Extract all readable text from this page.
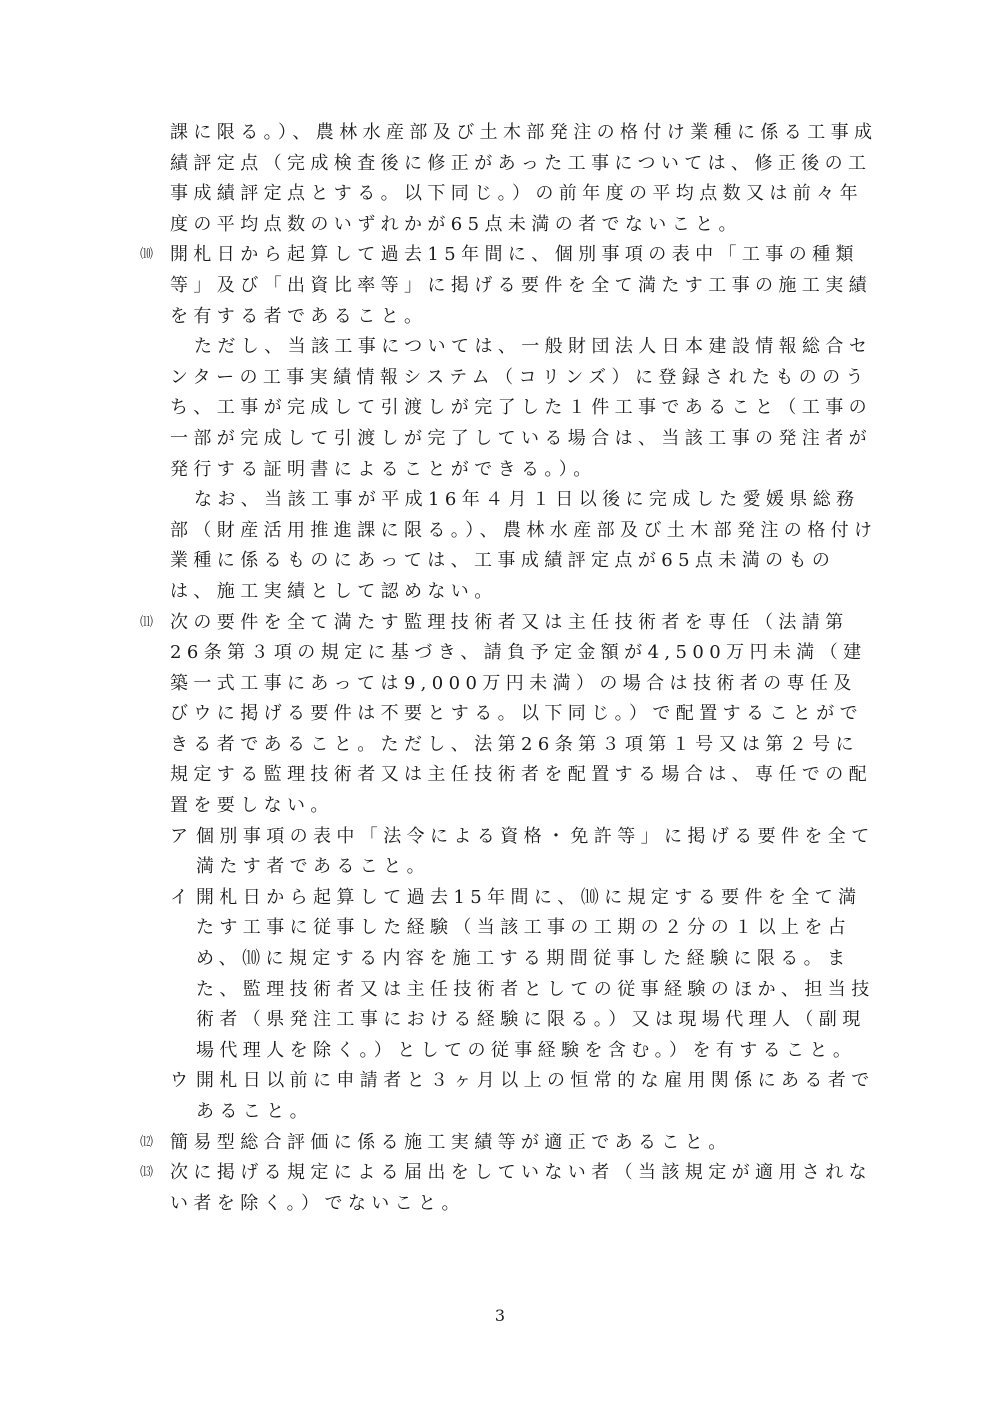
課に限る。）、農林水産部及び土木部発注の格付け業種に係る工事成績評定点（完成検査後に修正があった工事については、修正後の工事成績評定点とする。以下同じ。）の前年度の平均点数又は前々年度の平均点数のいずれかが65点未満の者でないこと。
⑽ 開札日から起算して過去15年間に、個別事項の表中「工事の種類等」及び「出資比率等」に掲げる要件を全て満たす工事の施工実績を有する者であること。
ただし、当該工事については、一般財団法人日本建設情報総合センターの工事実績情報システム（コリンズ）に登録されたもののうち、工事が完成して引渡しが完了した１件工事であること（工事の一部が完成して引渡しが完了している場合は、当該工事の発注者が発行する証明書によることができる。）。
なお、当該工事が平成16年４月１日以後に完成した愛媛県総務部（財産活用推進課に限る。）、農林水産部及び土木部発注の格付け業種に係るものにあっては、工事成績評定点が65点未満のものは、施工実績として認めない。
⑾ 次の要件を全て満たす監理技術者又は主任技術者を専任（法請第26条第３項の規定に基づき、請負予定金額が4,500万円未満（建築一式工事にあっては9,000万円未満）の場合は技術者の専任及びウに掲げる要件は不要とする。以下同じ。）で配置することができる者であること。ただし、法第26条第３項第１号又は第２号に規定する監理技術者又は主任技術者を配置する場合は、専任での配置を要しない。
ア 個別事項の表中「法令による資格・免許等」に掲げる要件を全て満たす者であること。
イ 開札日から起算して過去15年間に、⑽に規定する要件を全て満たす工事に従事した経験（当該工事の工期の２分の１以上を占め、⑽に規定する内容を施工する期間従事した経験に限る。また、監理技術者又は主任技術者としての従事経験のほか、担当技術者（県発注工事における経験に限る。）又は現場代理人（副現場代理人を除く。）としての従事経験を含む。）を有すること。
ウ 開札日以前に申請者と３ヶ月以上の恒常的な雇用関係にある者であること。
⑿ 簡易型総合評価に係る施工実績等が適正であること。
⒀ 次に掲げる規定による届出をしていない者（当該規定が適用されない者を除く。）でないこと。
3
